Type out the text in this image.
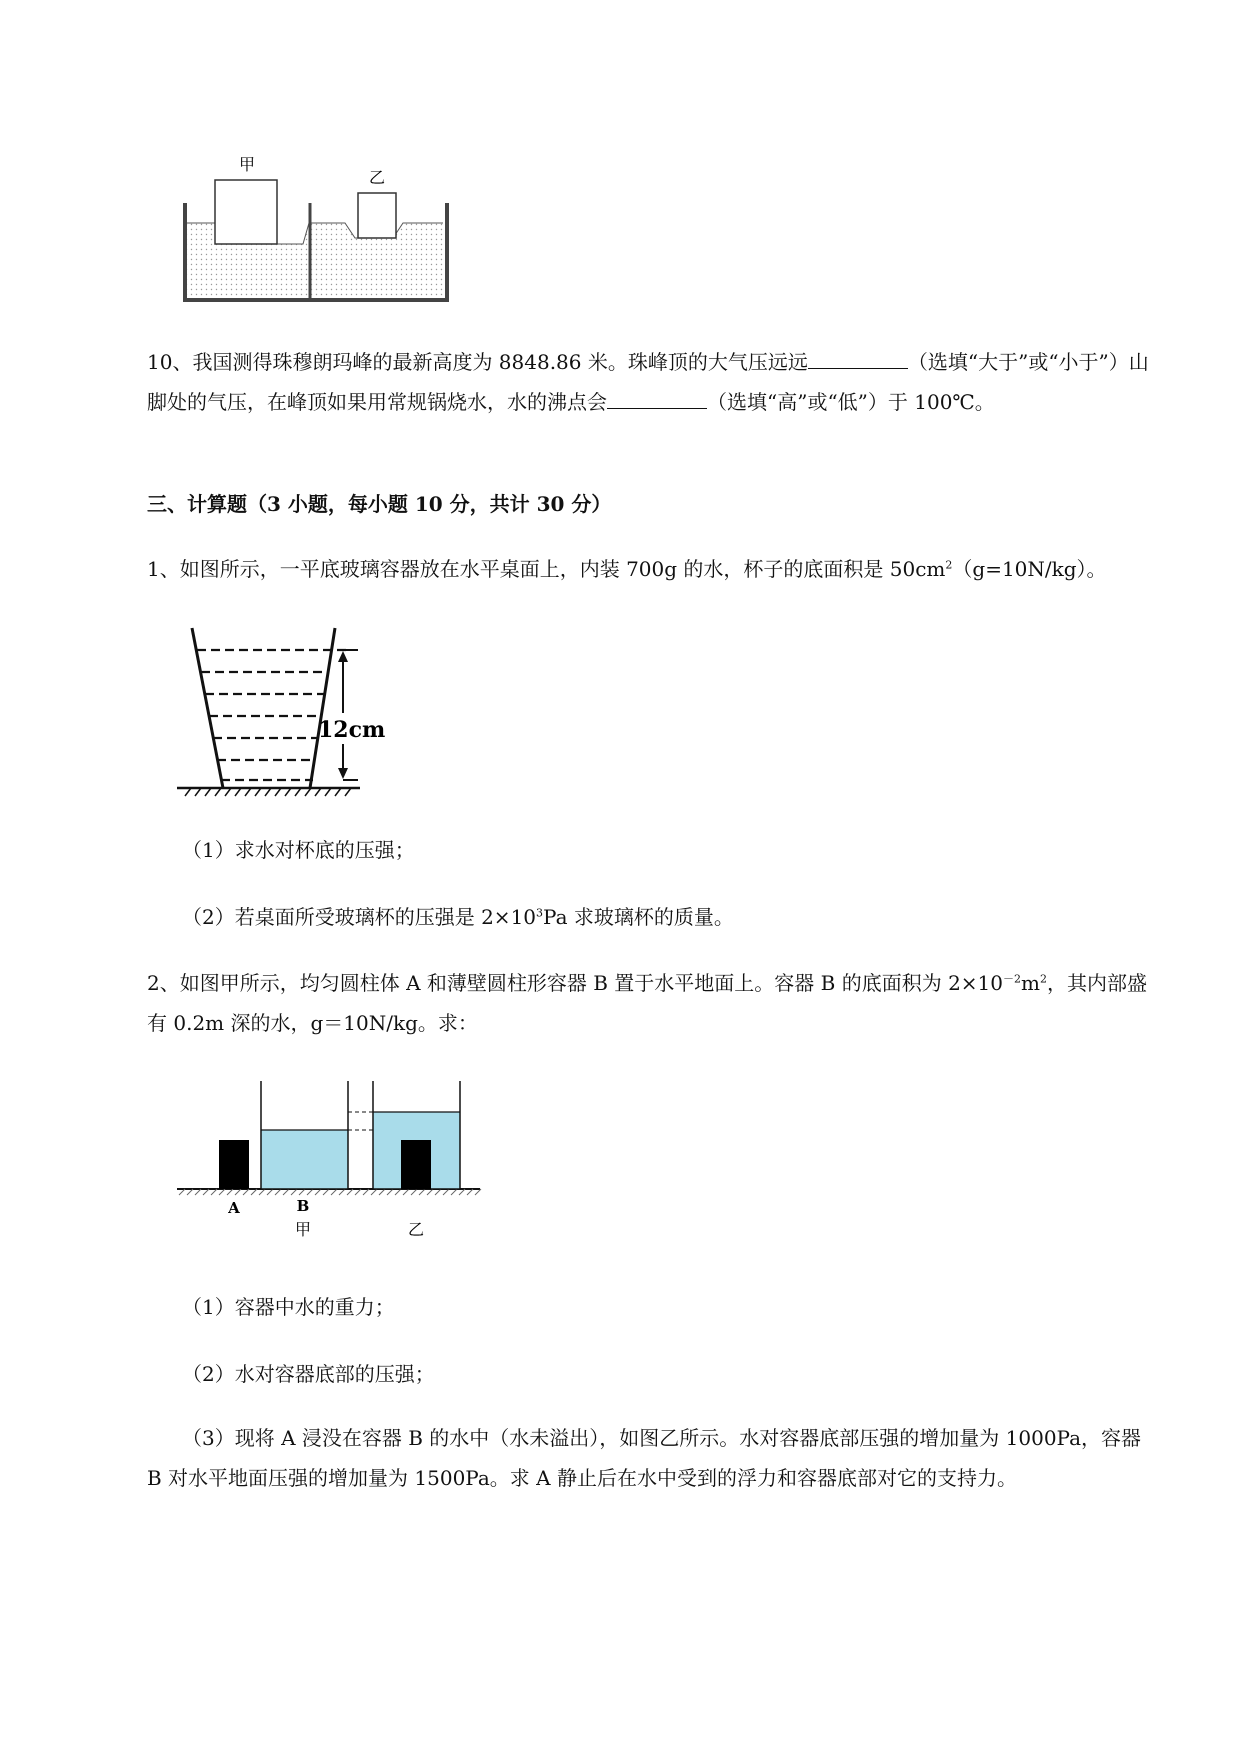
甲
乙

10、我国测得珠穆朗玛峰的最新高度为 8848.86 米。珠峰顶的大气压远远	（选填“大于”或“小于”）山脚处的气压，在峰顶如果用常规锅烧水，水的沸点会	（选填“高”或“低”）于 100℃。

三、计算题（3 小题，每小题 10 分，共计 30 分）

1、如图所示，一平底玻璃容器放在水平桌面上，内装 700g 的水，杯子的底面积是 $50cm^2(g=10N/kg)$。

12cm

（1）求水对杯底的压强；

（2）若桌面所受玻璃杯的压强是 $2\times 10^3Pa$ 求玻璃杯的质量。

2、如图甲所示，均匀圆柱体 A 和薄壁圆柱形容器 B 置于水平地面上。容器 B 的底面积为 $2\times 10^{-2}m^2$，其内部盛有 0.2m 深的水，g＝10N/kg。求：

A	B
甲	乙

（1）容器中水的重力；

（2）水对容器底部的压强；

（3）现将 A 浸没在容器 B 的水中（水未溢出），如图乙所示。水对容器底部压强的增加量为 1000Pa，容器 B 对水平地面压强的增加量为 1500Pa。求 A 静止后在水中受到的浮力和容器底部对它的支持力。
